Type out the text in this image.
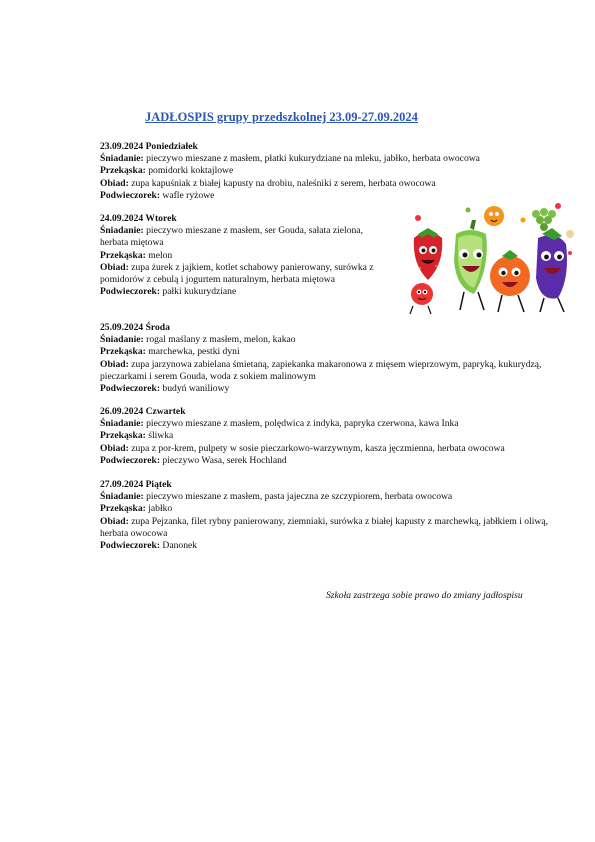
JADŁOSPIS grupy przedszkolnej 23.09-27.09.2024

23.09.2024 Poniedziałek

Śniadanie: pieczywo mieszane z masłem, płatki kukurydziane na mleku, jabłko, herbata owocowa

Przekąska: pomidorki koktajlowe

Obiad: zupa kapuśniak z białej kapusty na drobiu, naleśniki z serem, herbata owocowa

Podwieczorek: wafle ryżowe

24.09.2024 Wtorek

Śniadanie: pieczywo mieszane z masłem, ser Gouda, sałata zielona, herbata miętowa

Przekąska: melon

Obiad: zupa żurek z jajkiem, kotlet schabowy panierowany, surówka z pomidorów z cebulą i jogurtem naturalnym, herbata miętowa

Podwieczorek: pałki kukurydziane

25.09.2024 Środa

Śniadanie: rogal maślany z masłem, melon, kakao

Przekąska: marchewka, pestki dyni

Obiad: zupa jarzynowa zabielana śmietaną, zapiekanka makaronowa z mięsem wieprzowym, papryką, kukurydzą, pieczarkami i serem Gouda, woda z sokiem malinowym

Podwieczorek: budyń waniliowy

26.09.2024 Czwartek

Śniadanie: pieczywo mieszane z masłem, polędwica z indyka, papryka czerwona, kawa Inka

Przekąska: śliwka

Obiad: zupa z por-krem, pulpety w sosie pieczarkowo-warzywnym, kasza jęczmienna, herbata owocowa

Podwieczorek: pieczywo Wasa, serek Hochland

27.09.2024 Piątek

Śniadanie: pieczywo mieszane z masłem, pasta jajeczna ze szczypiorem, herbata owocowa

Przekąska: jabłko

Obiad: zupa Pejzanka, filet rybny panierowany, ziemniaki, surówka z białej kapusty z marchewką, jabłkiem i oliwą, herbata owocowa

Podwieczorek: Danonek

Szkoła zastrzega sobie prawo do zmiany jadłospisu
